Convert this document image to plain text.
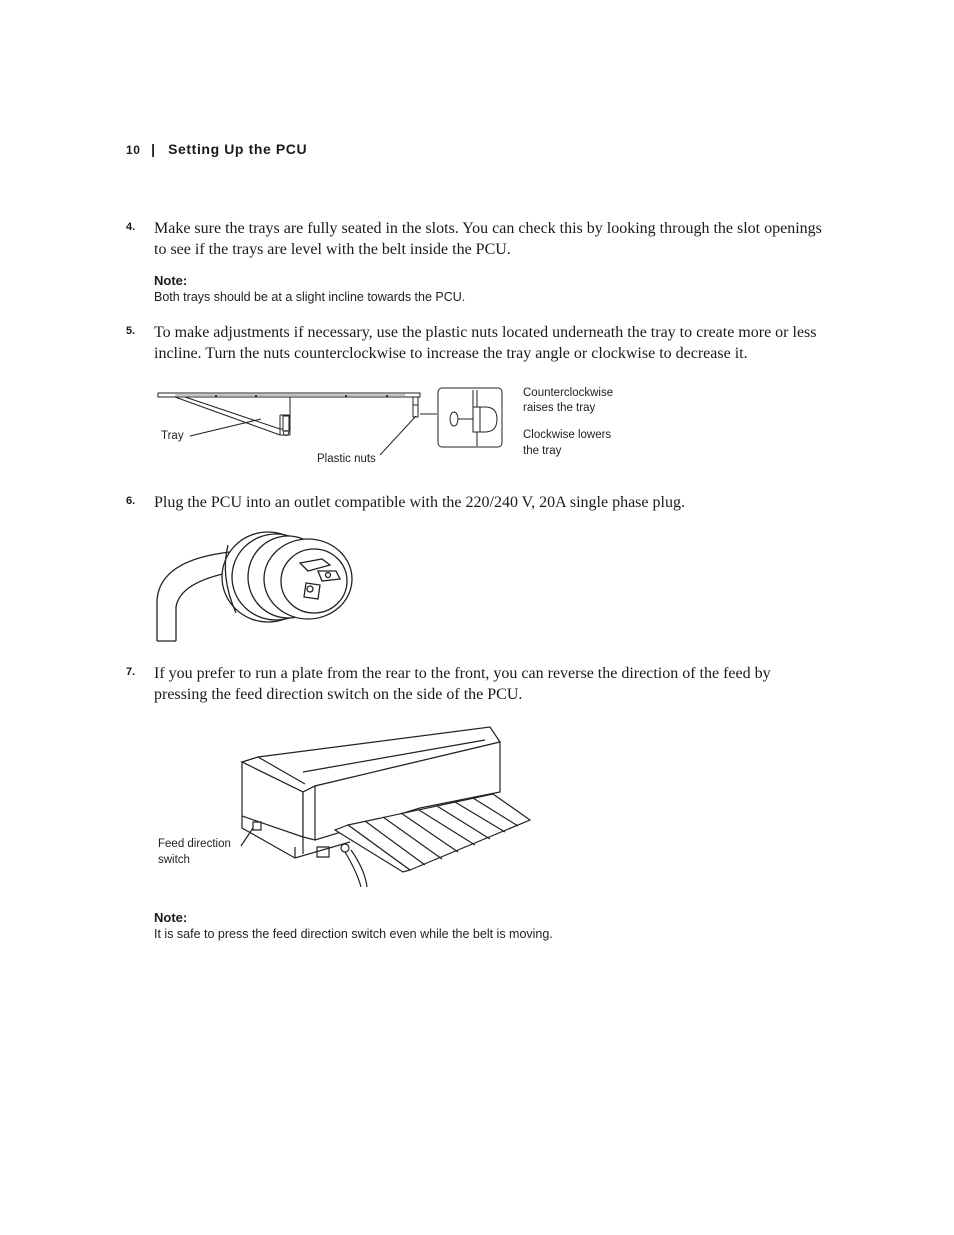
10 | Setting Up the PCU
4. Make sure the trays are fully seated in the slots. You can check this by looking through the slot openings to see if the trays are level with the belt inside the PCU.
Note:
Both trays should be at a slight incline towards the PCU.
5. To make adjustments if necessary, use the plastic nuts located underneath the tray to create more or less incline. Turn the nuts counterclockwise to increase the tray angle or clockwise to decrease it.
Tray
Plastic nuts
Counterclockwise
raises the tray
Clockwise lowers
the tray
6. Plug the PCU into an outlet compatible with the 220/240 V, 20A single phase plug.
7. If you prefer to run a plate from the rear to the front, you can reverse the direction of the feed by pressing the feed direction switch on the side of the PCU.
Feed direction
switch
Note:
It is safe to press the feed direction switch even while the belt is moving.
